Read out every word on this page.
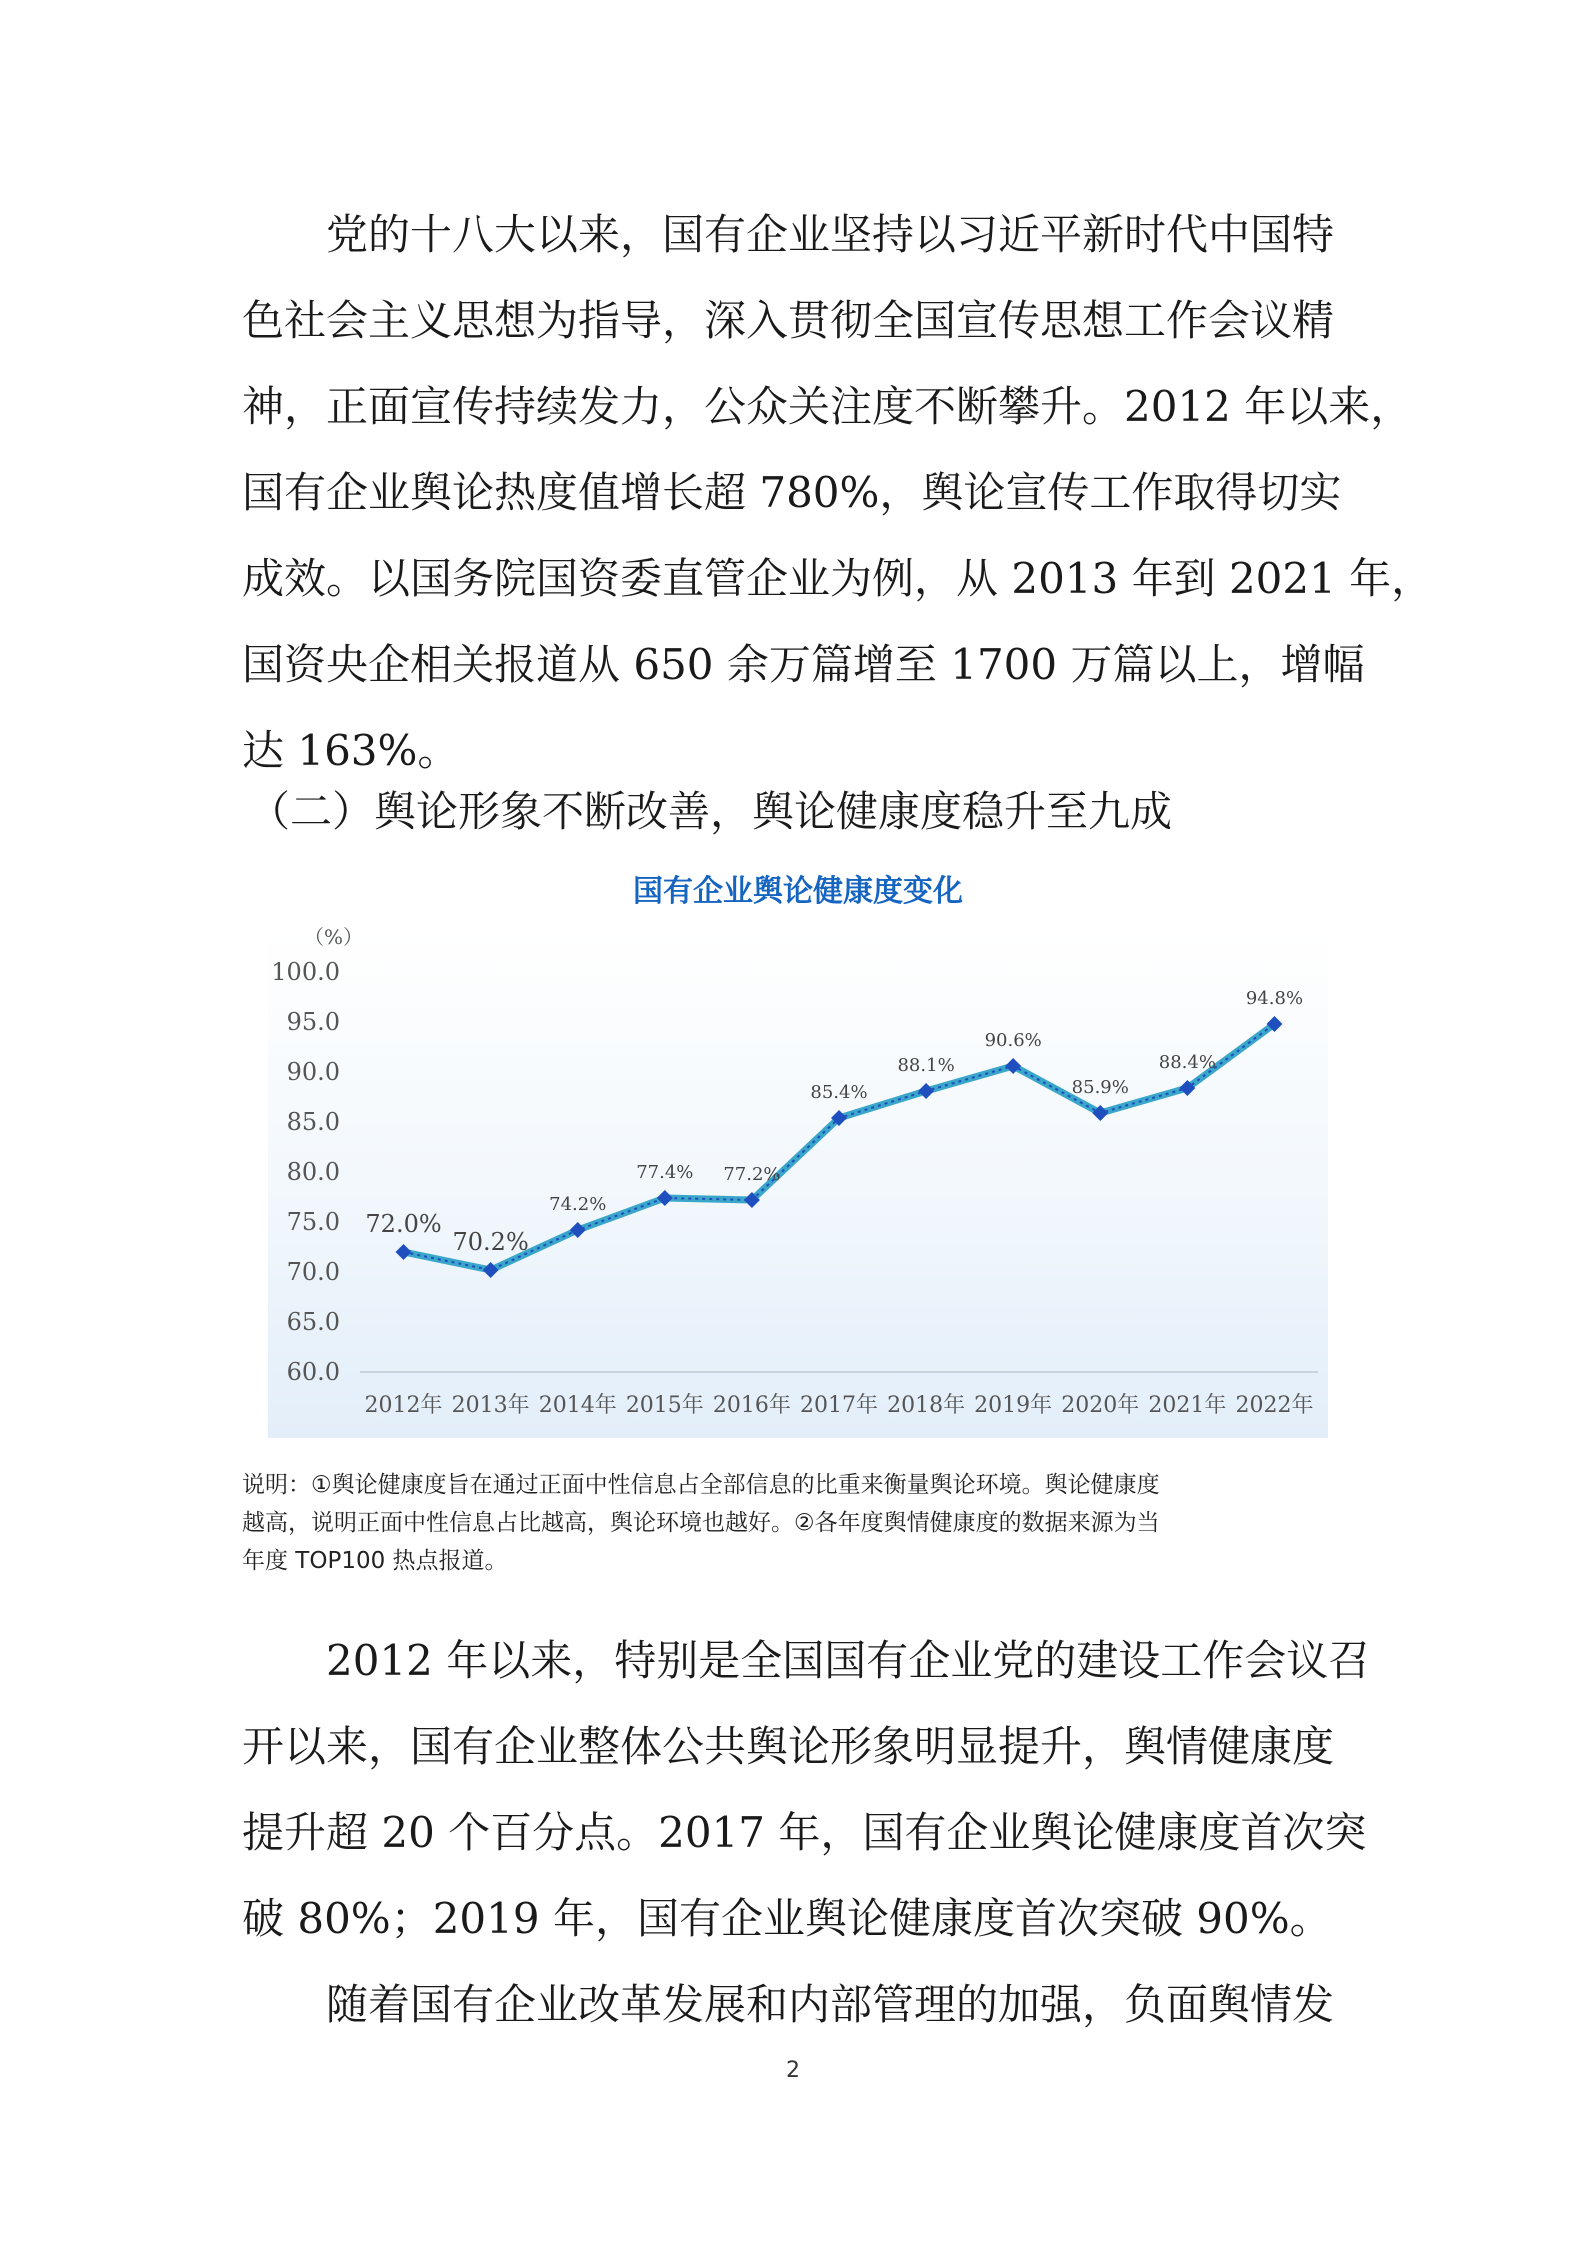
党的十八大以来，国有企业坚持以习近平新时代中国特
色社会主义思想为指导，深入贯彻全国宣传思想工作会议精
神，正面宣传持续发力，公众关注度不断攀升。2012 年以来，
国有企业舆论热度值增长超 780%，舆论宣传工作取得切实
成效。以国务院国资委直管企业为例，从 2013 年到 2021 年，
国资央企相关报道从 650 余万篇增至 1700 万篇以上，增幅
达 163%。
（二）舆论形象不断改善，舆论健康度稳升至九成
国有企业舆论健康度变化
（%）
60.0
65.0
70.0
75.0
80.0
85.0
90.0
95.0
100.0
2012年 2013年 2014年 2015年 2016年 2017年 2018年 2019年 2020年 2021年 2022年
72.0%
70.2%
74.2%
77.4% 77.2%
85.4%
88.1%
90.6%
85.9%
88.4%
94.8%
说明：①舆论健康度旨在通过正面中性信息占全部信息的比重来衡量舆论环境。舆论健康度
越高，说明正面中性信息占比越高，舆论环境也越好。②各年度舆情健康度的数据来源为当
年度 TOP100 热点报道。
2012 年以来，特别是全国国有企业党的建设工作会议召
开以来，国有企业整体公共舆论形象明显提升，舆情健康度
提升超 20 个百分点。2017 年，国有企业舆论健康度首次突
破 80%；2019 年，国有企业舆论健康度首次突破 90%。
随着国有企业改革发展和内部管理的加强，负面舆情发
2
